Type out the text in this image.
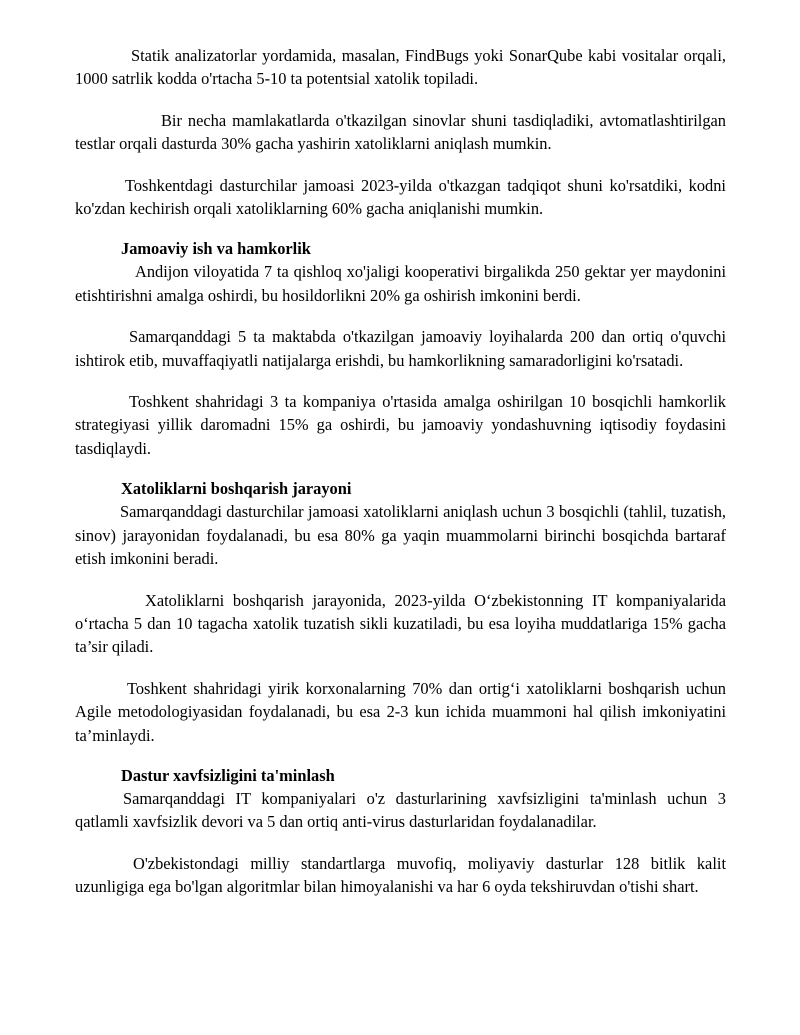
Statik analizatorlar yordamida, masalan, FindBugs yoki SonarQube kabi vositalar orqali, 1000 satrlik kodda o'rtacha 5-10 ta potentsial xatolik topiladi.

Bir necha mamlakatlarda o'tkazilgan sinovlar shuni tasdiqladiki, avtomatlashtirilgan testlar orqali dasturda 30% gacha yashirin xatoliklarni aniqlash mumkin.

Toshkentdagi dasturchilar jamoasi 2023-yilda o'tkazgan tadqiqot shuni ko'rsatdiki, kodni ko'zdan kechirish orqali xatoliklarning 60% gacha aniqlanishi mumkin.

Jamoaviy ish va hamkorlik

Andijon viloyatida 7 ta qishloq xo'jaligi kooperativi birgalikda 250 gektar yer maydonini etishtirishni amalga oshirdi, bu hosildorlikni 20% ga oshirish imkonini berdi.

Samarqanddagi 5 ta maktabda o'tkazilgan jamoaviy loyihalarda 200 dan ortiq o'quvchi ishtirok etib, muvaffaqiyatli natijalarga erishdi, bu hamkorlikning samaradorligini ko'rsatadi.

Toshkent shahridagi 3 ta kompaniya o'rtasida amalga oshirilgan 10 bosqichli hamkorlik strategiyasi yillik daromadni 15% ga oshirdi, bu jamoaviy yondashuvning iqtisodiy foydasini tasdiqlaydi.

Xatoliklarni boshqarish jarayoni

Samarqanddagi dasturchilar jamoasi xatoliklarni aniqlash uchun 3 bosqichli (tahlil, tuzatish, sinov) jarayonidan foydalanadi, bu esa 80% ga yaqin muammolarni birinchi bosqichda bartaraf etish imkonini beradi.

Xatoliklarni boshqarish jarayonida, 2023-yilda O‘zbekistonning IT kompaniyalarida o‘rtacha 5 dan 10 tagacha xatolik tuzatish sikli kuzatiladi, bu esa loyiha muddatlariga 15% gacha ta’sir qiladi.

Toshkent shahridagi yirik korxonalarning 70% dan ortig‘i xatoliklarni boshqarish uchun Agile metodologiyasidan foydalanadi, bu esa 2-3 kun ichida muammoni hal qilish imkoniyatini ta’minlaydi.

Dastur xavfsizligini ta'minlash

Samarqanddagi IT kompaniyalari o'z dasturlarining xavfsizligini ta'minlash uchun 3 qatlamli xavfsizlik devori va 5 dan ortiq anti-virus dasturlaridan foydalanadilar.

O'zbekistondagi milliy standartlarga muvofiq, moliyaviy dasturlar 128 bitlik kalit uzunligiga ega bo'lgan algoritmlar bilan himoyalanishi va har 6 oyda tekshiruvdan o'tishi shart.
